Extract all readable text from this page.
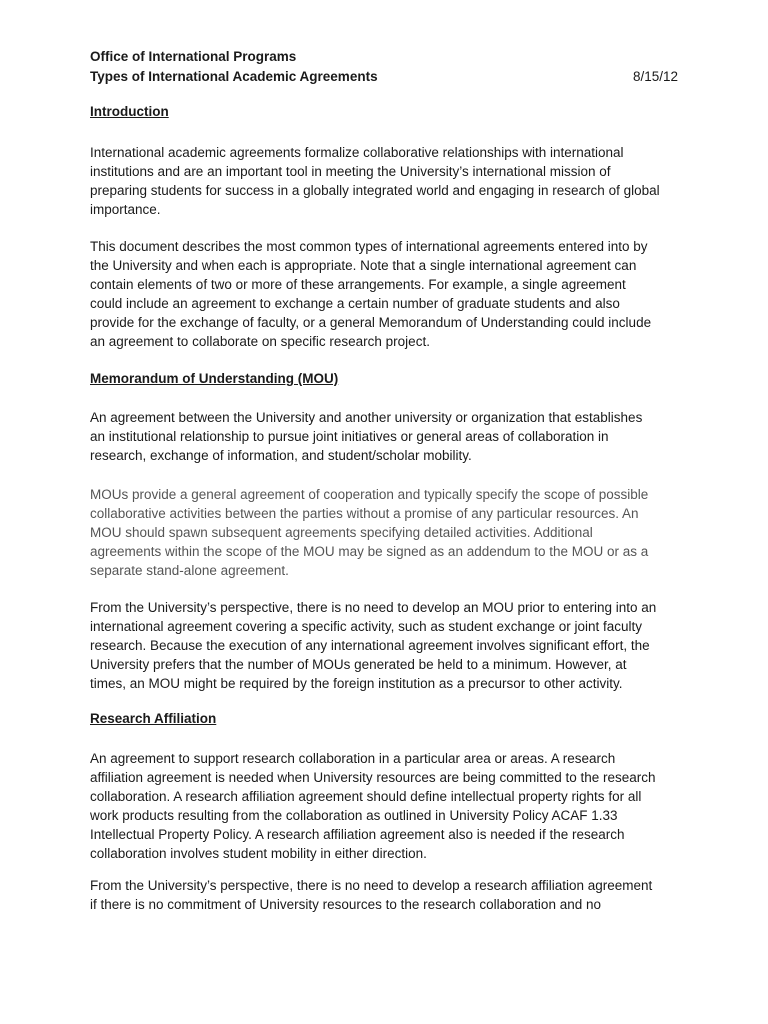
Office of International Programs
Types of International Academic Agreements	8/15/12
Introduction
International academic agreements formalize collaborative relationships with international
institutions and are an important tool in meeting the University’s international mission of
preparing students for success in a globally integrated world and engaging in research of global
importance.
This document describes the most common types of international agreements entered into by
the University and when each is appropriate. Note that a single international agreement can
contain elements of two or more of these arrangements. For example, a single agreement
could include an agreement to exchange a certain number of graduate students and also
provide for the exchange of faculty, or a general Memorandum of Understanding could include
an agreement to collaborate on specific research project.
Memorandum of Understanding (MOU)
An agreement between the University and another university or organization that establishes
an institutional relationship to pursue joint initiatives or general areas of collaboration in
research, exchange of information, and student/scholar mobility.
MOUs provide a general agreement of cooperation and typically specify the scope of possible
collaborative activities between the parties without a promise of any particular resources. An
MOU should spawn subsequent agreements specifying detailed activities. Additional
agreements within the scope of the MOU may be signed as an addendum to the MOU or as a
separate stand-alone agreement.
From the University’s perspective, there is no need to develop an MOU prior to entering into an
international agreement covering a specific activity, such as student exchange or joint faculty
research. Because the execution of any international agreement involves significant effort, the
University prefers that the number of MOUs generated be held to a minimum. However, at
times, an MOU might be required by the foreign institution as a precursor to other activity.
Research Affiliation
An agreement to support research collaboration in a particular area or areas. A research
affiliation agreement is needed when University resources are being committed to the research
collaboration. A research affiliation agreement should define intellectual property rights for all
work products resulting from the collaboration as outlined in University Policy ACAF 1.33
Intellectual Property Policy. A research affiliation agreement also is needed if the research
collaboration involves student mobility in either direction.
From the University’s perspective, there is no need to develop a research affiliation agreement
if there is no commitment of University resources to the research collaboration and no
